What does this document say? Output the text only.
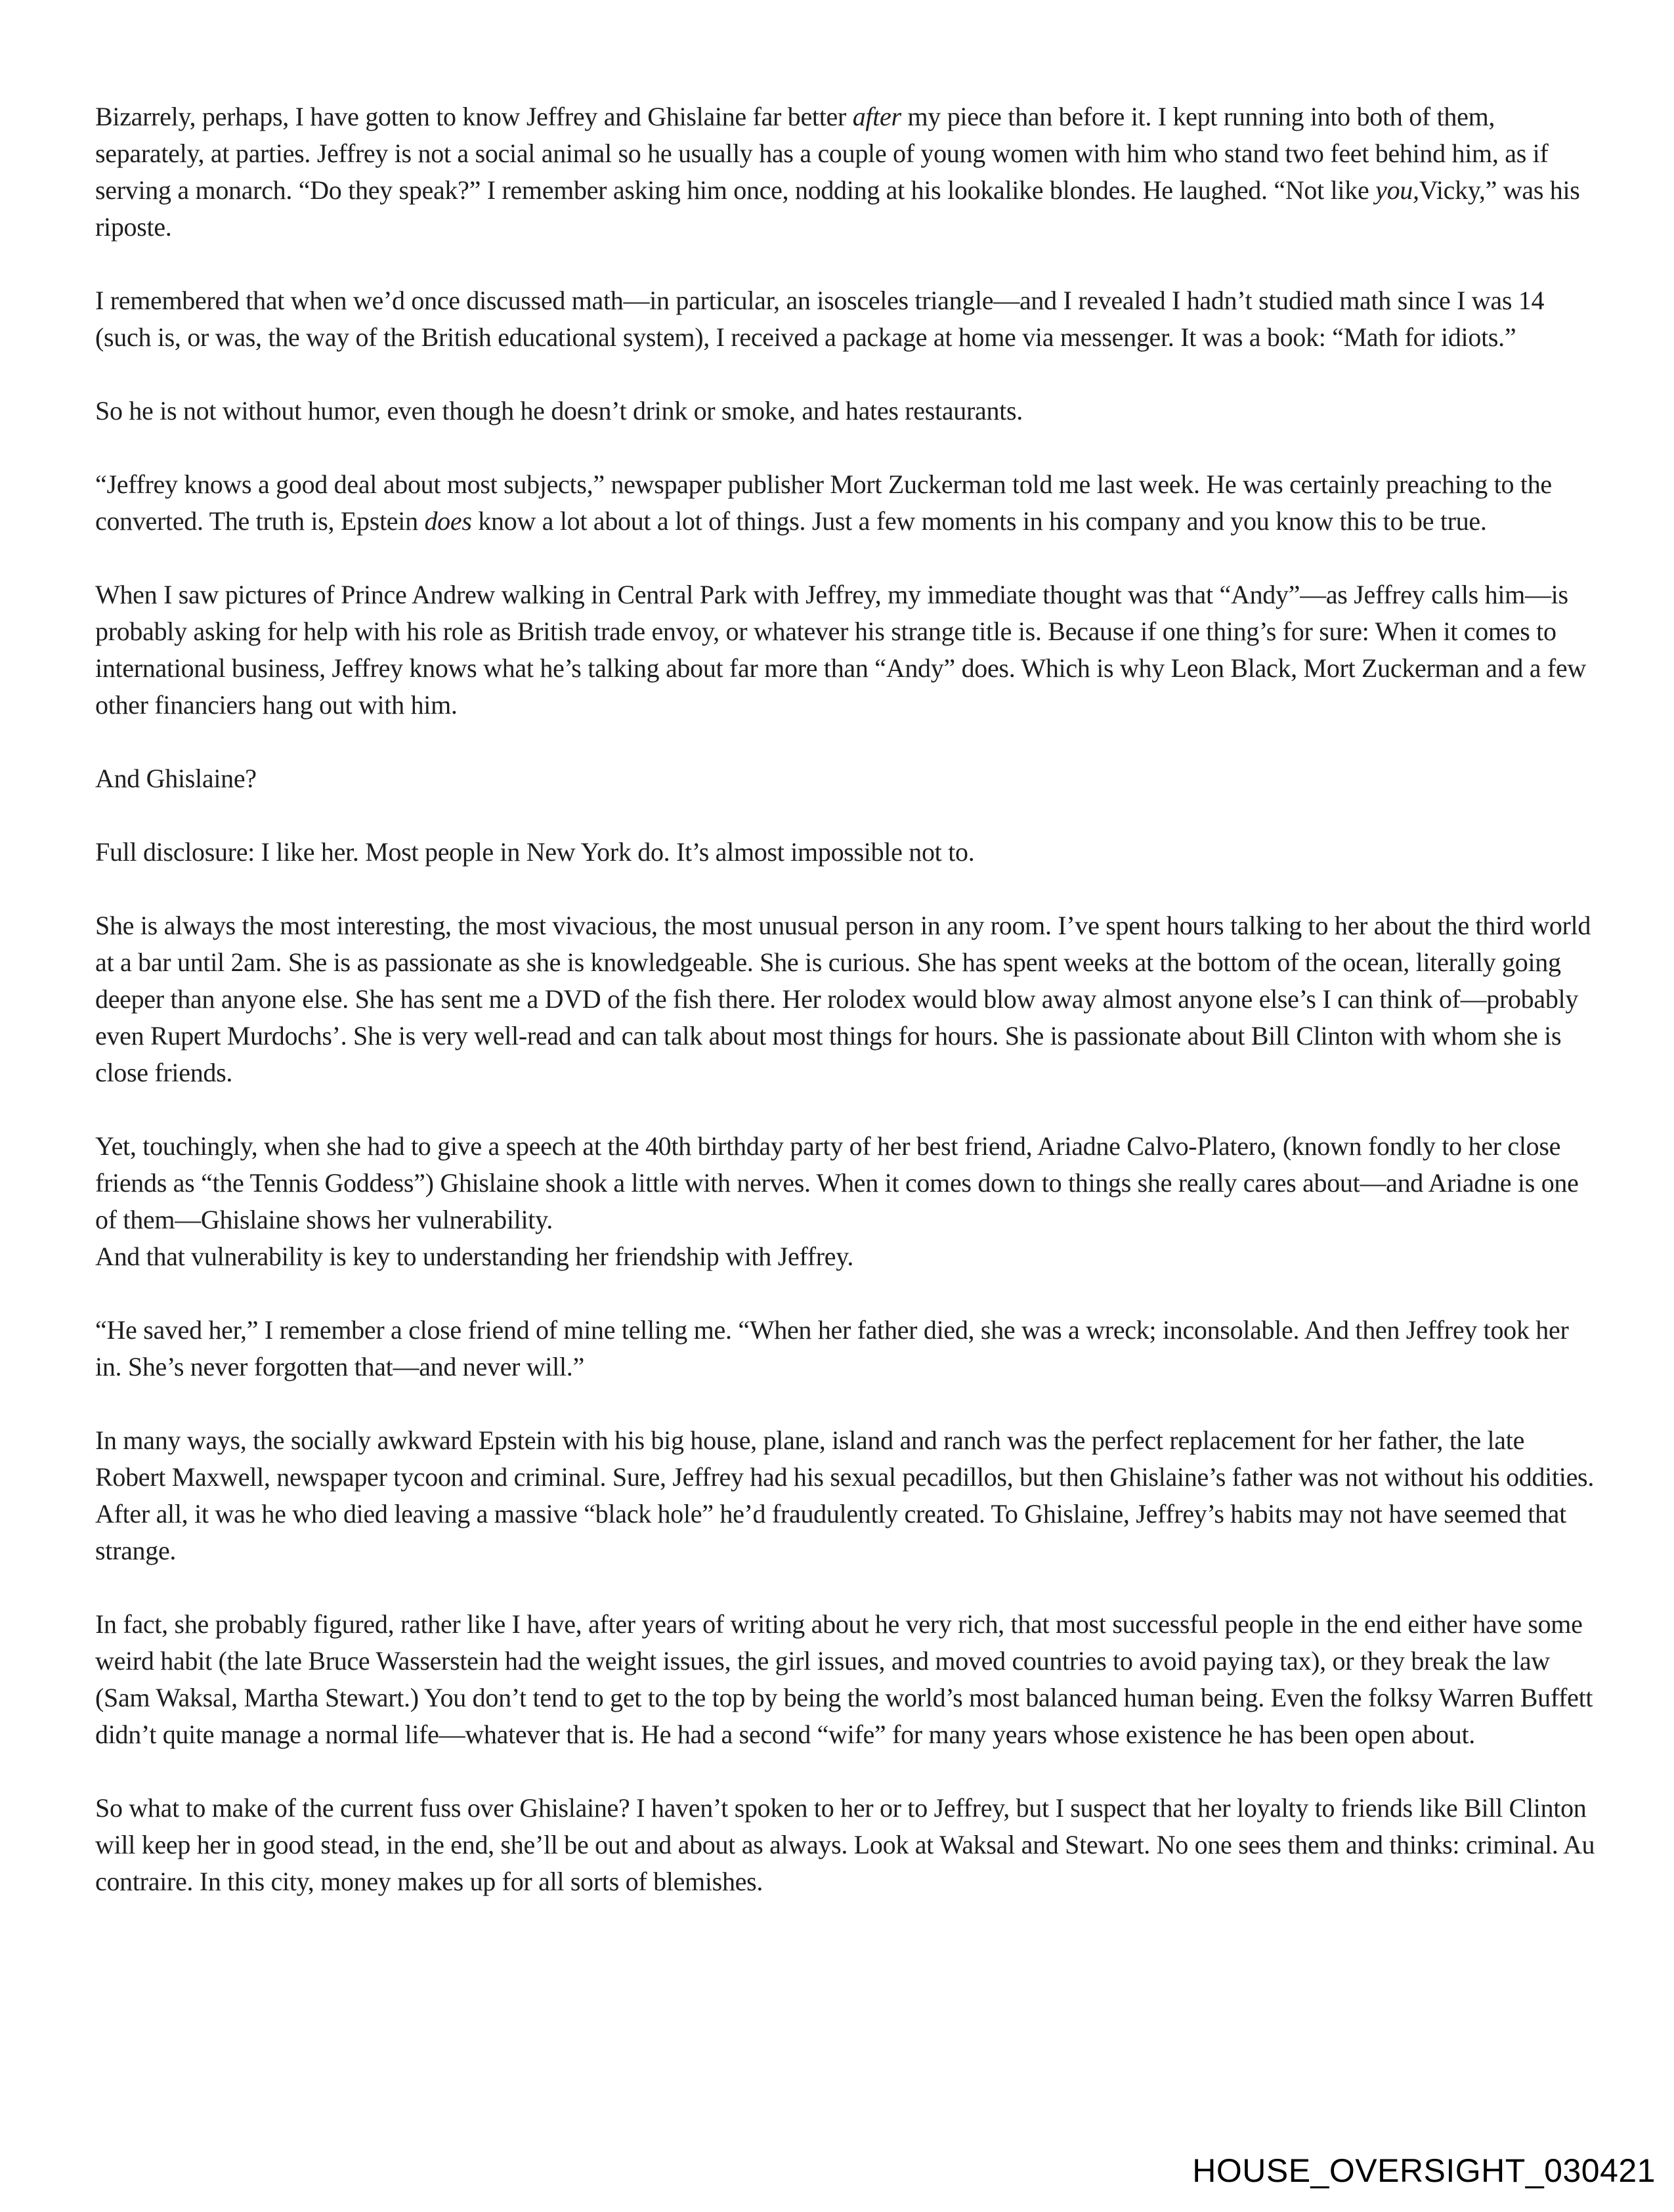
Bizarrely, perhaps, I have gotten to know Jeffrey and Ghislaine far better after my piece than before it. I kept running into both of them, separately, at parties. Jeffrey is not a social animal so he usually has a couple of young women with him who stand two feet behind him, as if serving a monarch. “Do they speak?” I remember asking him once, nodding at his lookalike blondes. He laughed. “Not like you,Vicky,” was his riposte.

I remembered that when we’d once discussed math—in particular, an isosceles triangle—and I revealed I hadn’t studied math since I was 14 (such is, or was, the way of the British educational system), I received a package at home via messenger. It was a book: “Math for idiots.”

So he is not without humor, even though he doesn’t drink or smoke, and hates restaurants.

“Jeffrey knows a good deal about most subjects,” newspaper publisher Mort Zuckerman told me last week. He was certainly preaching to the converted. The truth is, Epstein does know a lot about a lot of things. Just a few moments in his company and you know this to be true.

When I saw pictures of Prince Andrew walking in Central Park with Jeffrey, my immediate thought was that “Andy”—as Jeffrey calls him—is probably asking for help with his role as British trade envoy, or whatever his strange title is. Because if one thing’s for sure: When it comes to international business, Jeffrey knows what he’s talking about far more than “Andy” does. Which is why Leon Black, Mort Zuckerman and a few other financiers hang out with him.

And Ghislaine?

Full disclosure: I like her. Most people in New York do. It’s almost impossible not to.

She is always the most interesting, the most vivacious, the most unusual person in any room. I’ve spent hours talking to her about the third world at a bar until 2am. She is as passionate as she is knowledgeable. She is curious. She has spent weeks at the bottom of the ocean, literally going deeper than anyone else. She has sent me a DVD of the fish there. Her rolodex would blow away almost anyone else’s I can think of—probably even Rupert Murdochs’. She is very well-read and can talk about most things for hours. She is passionate about Bill Clinton with whom she is close friends.

Yet, touchingly, when she had to give a speech at the 40th birthday party of her best friend, Ariadne Calvo-Platero, (known fondly to her close friends as “the Tennis Goddess”) Ghislaine shook a little with nerves. When it comes down to things she really cares about—and Ariadne is one of them—Ghislaine shows her vulnerability.
And that vulnerability is key to understanding her friendship with Jeffrey.

“He saved her,” I remember a close friend of mine telling me. “When her father died, she was a wreck; inconsolable. And then Jeffrey took her in. She’s never forgotten that—and never will.”

In many ways, the socially awkward Epstein with his big house, plane, island and ranch was the perfect replacement for her father, the late Robert Maxwell, newspaper tycoon and criminal. Sure, Jeffrey had his sexual pecadillos, but then Ghislaine’s father was not without his oddities. After all, it was he who died leaving a massive “black hole” he’d fraudulently created. To Ghislaine, Jeffrey’s habits may not have seemed that strange.

In fact, she probably figured, rather like I have, after years of writing about he very rich, that most successful people in the end either have some weird habit (the late Bruce Wasserstein had the weight issues, the girl issues, and moved countries to avoid paying tax), or they break the law (Sam Waksal, Martha Stewart.) You don’t tend to get to the top by being the world’s most balanced human being. Even the folksy Warren Buffett didn’t quite manage a normal life—whatever that is. He had a second “wife” for many years whose existence he has been open about.

So what to make of the current fuss over Ghislaine? I haven’t spoken to her or to Jeffrey, but I suspect that her loyalty to friends like Bill Clinton will keep her in good stead, in the end, she’ll be out and about as always. Look at Waksal and Stewart. No one sees them and thinks: criminal. Au contraire. In this city, money makes up for all sorts of blemishes.

HOUSE_OVERSIGHT_030421
